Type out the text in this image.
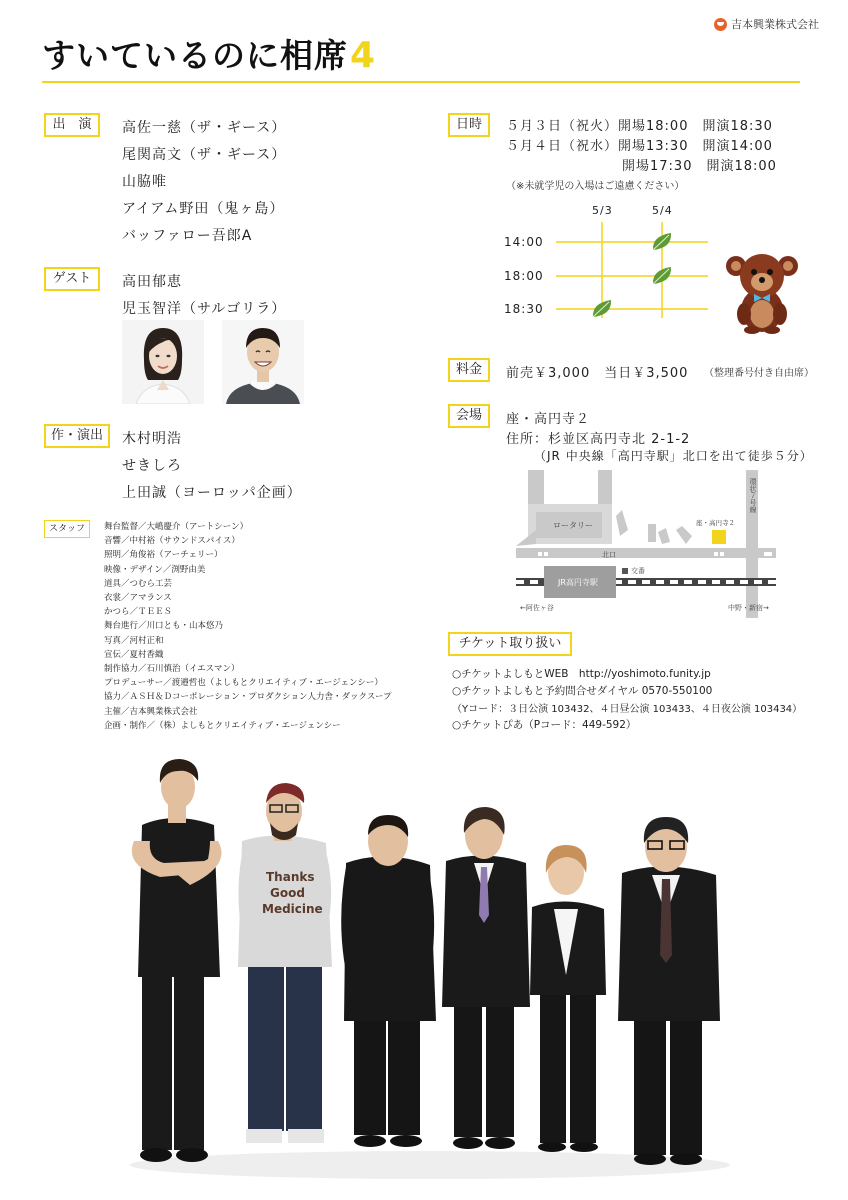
吉本興業株式会社
すいているのに相席4
出　演	高佐一慈（ザ・ギース）
尾関高文（ザ・ギース）
山脇唯
アイアム野田（鬼ヶ島）
バッファロー吾郎A
ゲスト	高田郁恵
児玉智洋（サルゴリラ）
作・演出	木村明浩
せきしろ
上田誠（ヨーロッパ企画）
スタッフ	舞台監督／大嶋慶介（アートシーン）
音響／中村裕（サウンドスパイス）
照明／角俊裕（アーチェリー）
映像・デザイン／渕野由美
道具／つむら工芸
衣裳／アマランス
かつら／ＴＥＥＳ
舞台進行／川口とも・山本悠乃
写真／河村正和
宣伝／夏村香織
制作協力／石川慎治（イエスマン）
プロデューサー／渡邉哲也（よしもとクリエイティブ・エージェンシー）
協力／ＡＳＨ＆Ｄコーポレーション・プロダクション人力舎・ダックスープ
主催／吉本興業株式会社
企画・制作／（株）よしもとクリエイティブ・エージェンシー
日時	５月３日（祝火）開場18:00　開演18:30
５月４日（祝水）開場13:30　開演14:00
開場17:30　開演18:00
（※未就学児の入場はご遠慮ください）
5/3	5/4
14:00
18:00
18:30
料金	前売￥3,000　当日￥3,500 （整理番号付き自由席）
会場	座・高円寺２
住所：杉並区高円寺北 2-1-2
（JR 中央線「高円寺駅」北口を出て徒歩５分）
ロータリー
北口
交番
JR高円寺駅
座・高円寺２
環状７号線
←阿佐ヶ谷	中野・新宿→
チケット取り扱い
○チケットよしもとWEB　http://yoshimoto.funity.jp
○チケットよしもと予約問合せダイヤル 0570-550100
（Yコード：３日公演 103432、４日昼公演 103433、４日夜公演 103434）
○チケットぴあ（Pコード：449-592）
Thanks
Good
Medicine
